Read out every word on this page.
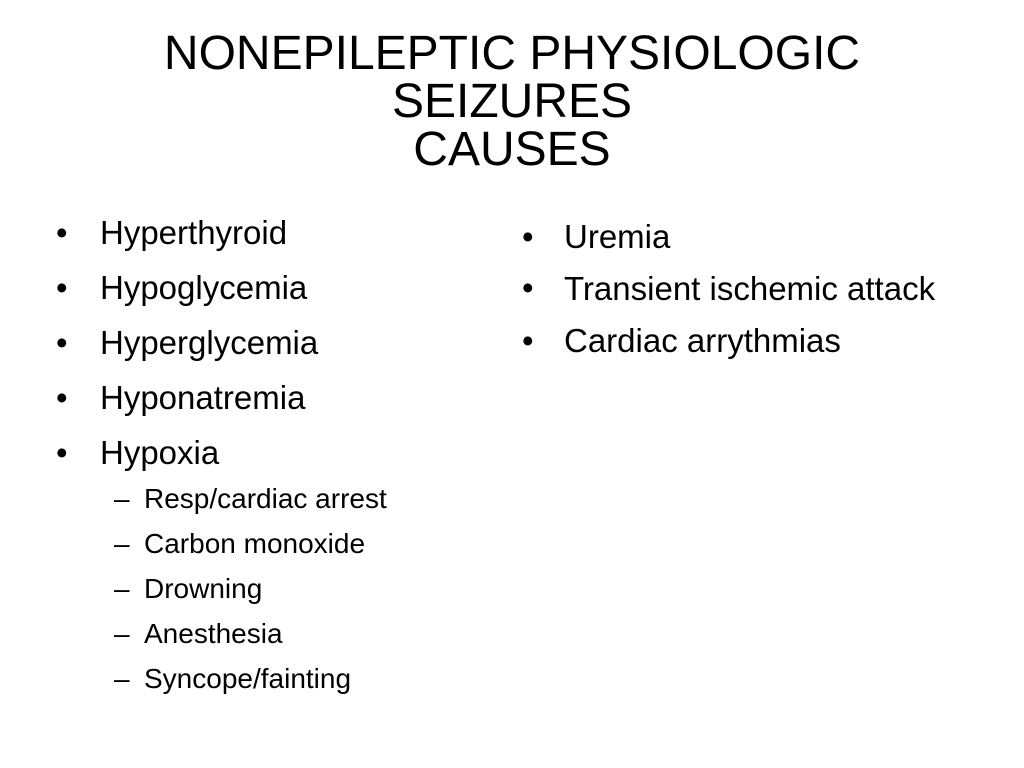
NONEPILEPTIC PHYSIOLOGIC
SEIZURES
CAUSES
• Hyperthyroid
• Hypoglycemia
• Hyperglycemia
• Hyponatremia
• Hypoxia
– Resp/cardiac arrest
– Carbon monoxide
– Drowning
– Anesthesia
– Syncope/fainting
• Uremia
• Transient ischemic attack
• Cardiac arrythmias
